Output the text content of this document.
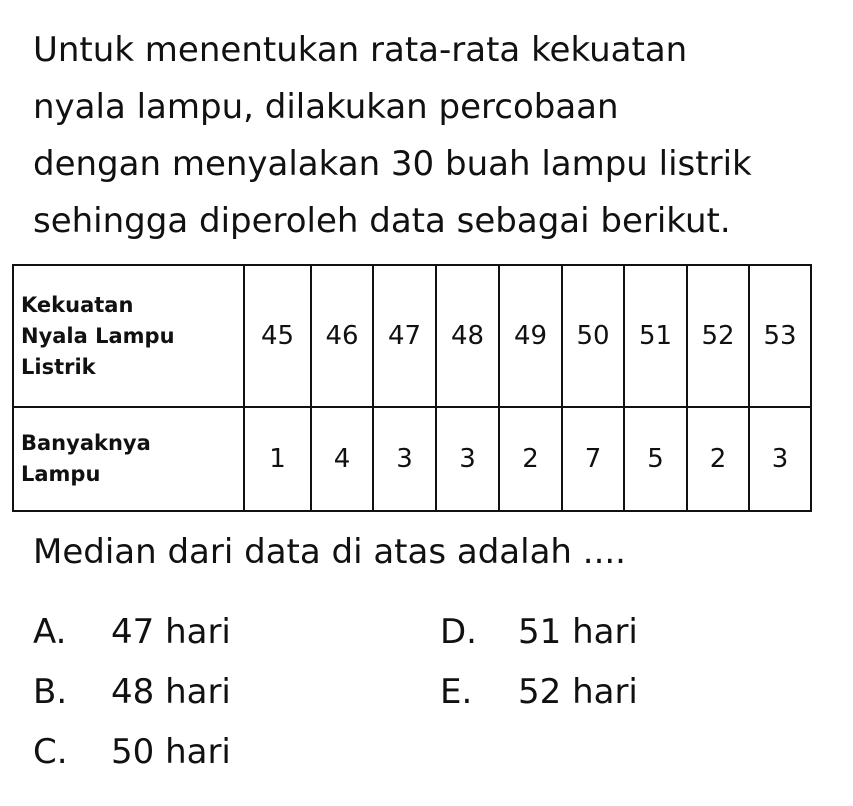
Untuk menentukan rata-rata kekuatan
nyala lampu, dilakukan percobaan
dengan menyalakan 30 buah lampu listrik
sehingga diperoleh data sebagai berikut.
Kekuatan
Nyala Lampu
Listrik	45	46	47	48	49	50	51	52	53

Banyaknya
Lampu	1	4	3	3	2	7	5	2	3
Median dari data di atas adalah ....
A. 47 hari
B. 48 hari
C. 50 hari
D. 51 hari
E. 52 hari
